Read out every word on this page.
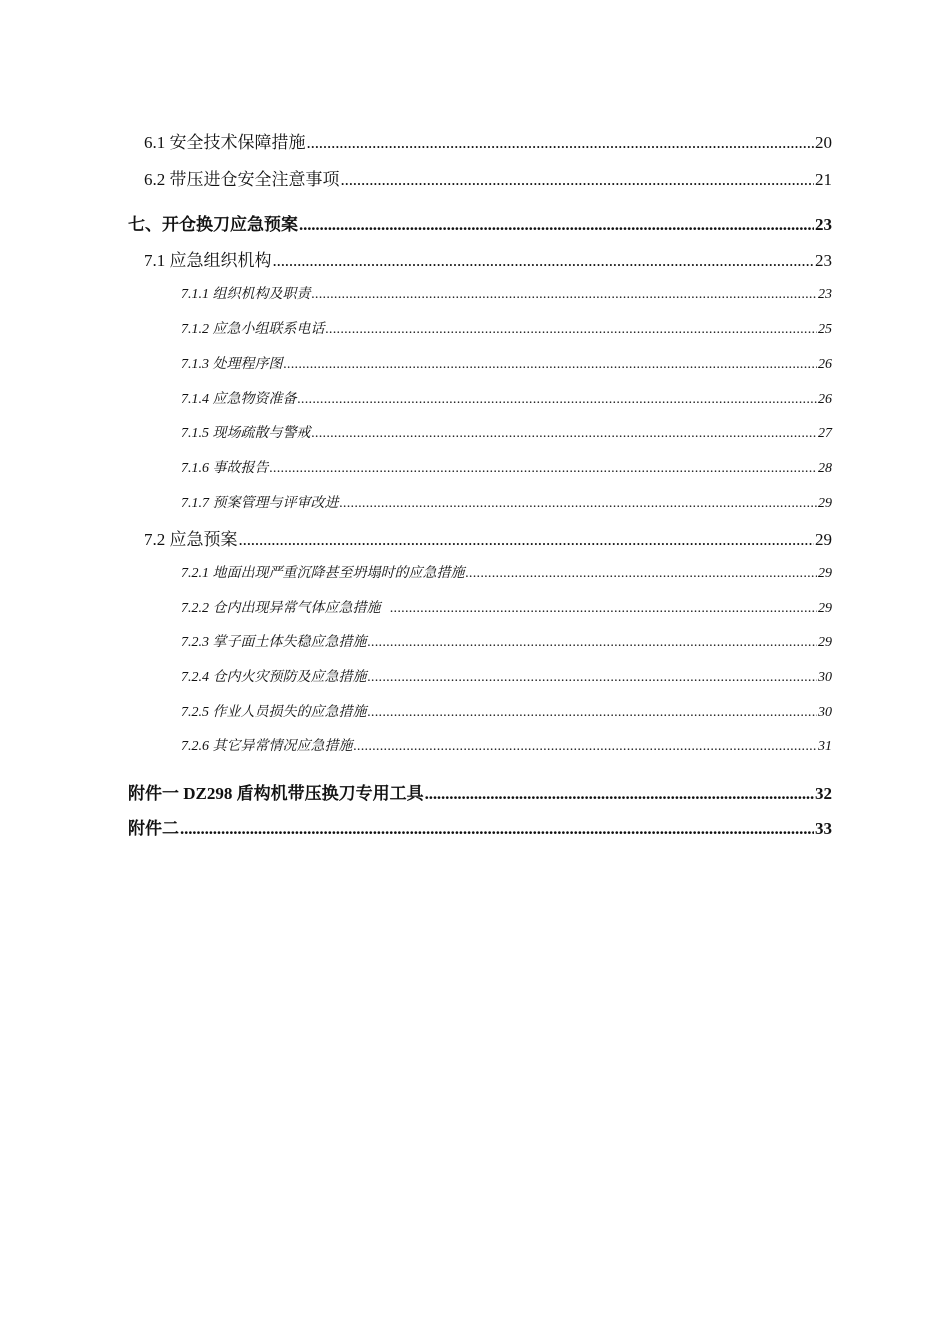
6.1 安全技术保障措施 . . .	20
6.2 带压进仓安全注意事项 . . .	21
七、开仓换刀应急预案 . . .	23
7.1 应急组织机构 . . .	23
7.1.1 组织机构及职责 . . .	23
7.1.2 应急小组联系电话 . . .	25
7.1.3 处理程序图 . . .	26
7.1.4 应急物资准备 . . .	26
7.1.5 现场疏散与警戒 . . .	27
7.1.6 事故报告 . . .	28
7.1.7 预案管理与评审改进 . . .	29
7.2 应急预案 . . .	29
7.2.1 地面出现严重沉降甚至坍塌时的应急措施 . . .	29
7.2.2 仓内出现异常气体应急措施 . . .	29
7.2.3 掌子面土体失稳应急措施 . . .	29
7.2.4 仓内火灾预防及应急措施 . . .	30
7.2.5 作业人员损失的应急措施 . . .	30
7.2.6 其它异常情况应急措施 . . .	31
附件一 DZ298 盾构机带压换刀专用工具 . . .	32
附件二 . . .	33
